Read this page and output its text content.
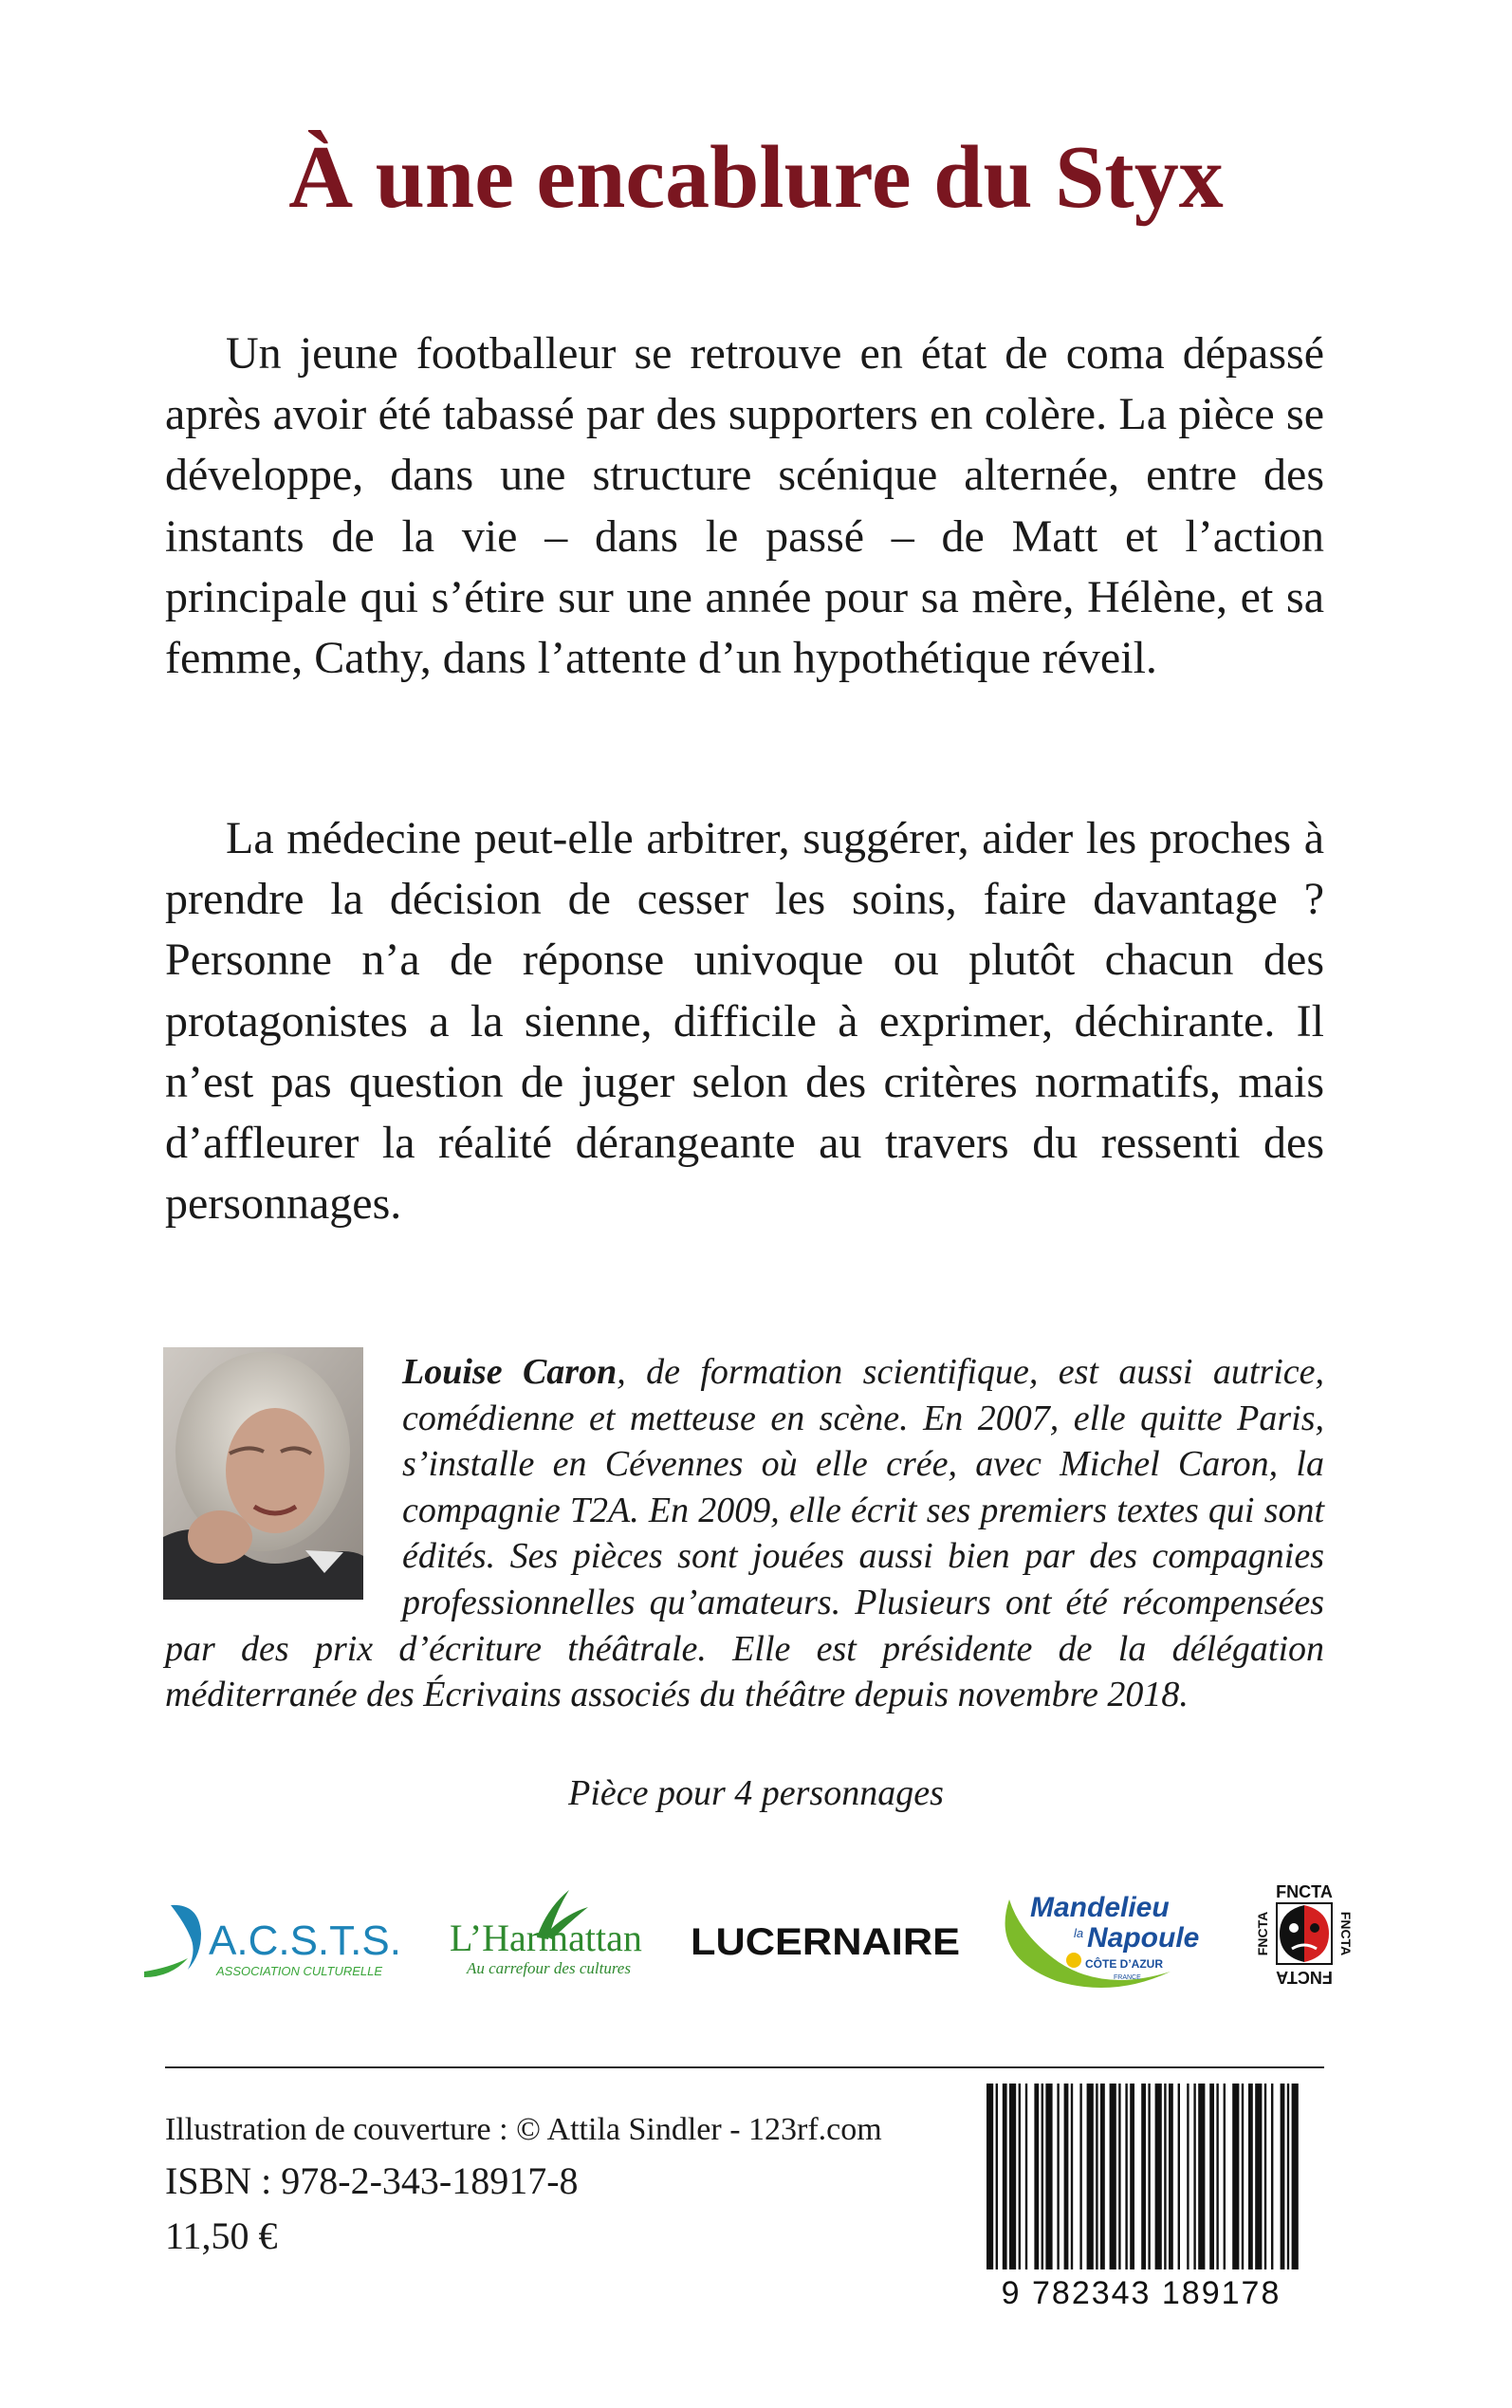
À une encablure du Styx

Un jeune footballeur se retrouve en état de coma dépassé après avoir été tabassé par des supporters en colère. La pièce se développe, dans une structure scénique alternée, entre des instants de la vie – dans le passé – de Matt et l’action principale qui s’étire sur une année pour sa mère, Hélène, et sa femme, Cathy, dans l’attente d’un hypothétique réveil.

La médecine peut-elle arbitrer, suggérer, aider les proches à prendre la décision de cesser les soins, faire davantage ? Personne n’a de réponse univoque ou plutôt chacun des protagonistes a la sienne, difficile à exprimer, déchirante. Il n’est pas question de juger selon des critères normatifs, mais d’affleurer la réalité dérangeante au travers du ressenti des personnages.

Louise Caron, de formation scientifique, est aussi autrice, comédienne et metteuse en scène. En 2007, elle quitte Paris, s’installe en Cévennes où elle crée, avec Michel Caron, la compagnie T2A. En 2009, elle écrit ses premiers textes qui sont édités. Ses pièces sont jouées aussi bien par des compagnies professionnelles qu’amateurs. Plusieurs ont été récompensées par des prix d’écriture théâtrale. Elle est présidente de la délégation méditerranée des Écrivains associés du théâtre depuis novembre 2018.

Pièce pour 4 personnages

A.C.S.T.S.
ASSOCIATION CULTURELLE
L’Harmattan
Au carrefour des cultures
LUCERNAIRE
Mandelieu
la Napoule
CÔTE D’AZUR
FRANCE
FNCTA
FNCTA
FNCTA	FNCTA

Illustration de couverture : © Attila Sindler - 123rf.com

ISBN : 978-2-343-18917-8

11,50 €

9 782343 189178
